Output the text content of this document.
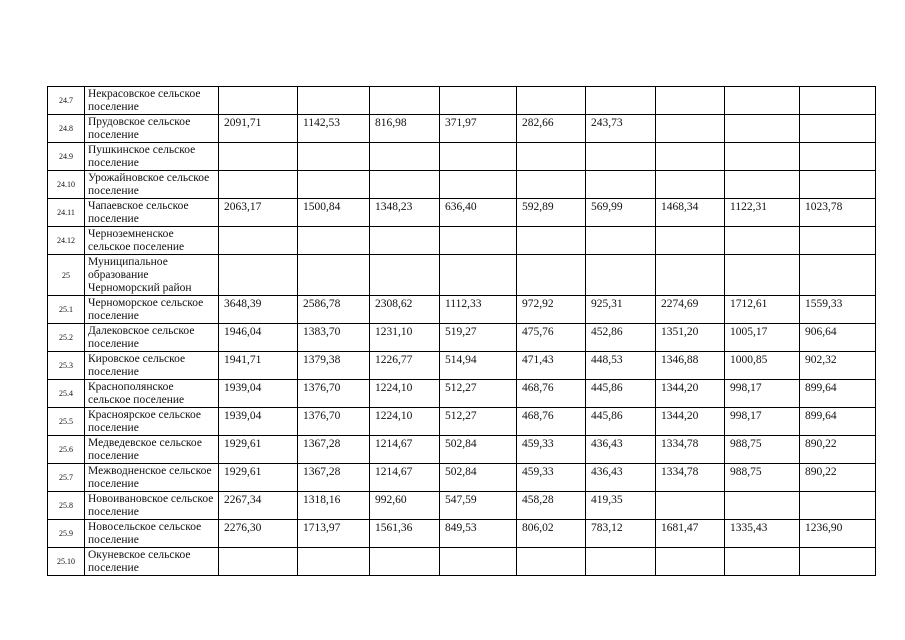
24.7	Некрасовское сельское поселение									
24.8	Прудовское сельское поселение	2091,71	1142,53	816,98	371,97	282,66	243,73			
24.9	Пушкинское сельское поселение									
24.10	Урожайновское сельское поселение									
24.11	Чапаевское сельское поселение	2063,17	1500,84	1348,23	636,40	592,89	569,99	1468,34	1122,31	1023,78
24.12	Черноземненское сельское поселение									
25	Муниципальное образование Черноморский район									
25.1	Черноморское сельское поселение	3648,39	2586,78	2308,62	1112,33	972,92	925,31	2274,69	1712,61	1559,33
25.2	Далековское сельское поселение	1946,04	1383,70	1231,10	519,27	475,76	452,86	1351,20	1005,17	906,64
25.3	Кировское сельское поселение	1941,71	1379,38	1226,77	514,94	471,43	448,53	1346,88	1000,85	902,32
25.4	Краснополянское сельское поселение	1939,04	1376,70	1224,10	512,27	468,76	445,86	1344,20	998,17	899,64
25.5	Краснoярское сельское поселение	1939,04	1376,70	1224,10	512,27	468,76	445,86	1344,20	998,17	899,64
25.6	Медведевское сельское поселение	1929,61	1367,28	1214,67	502,84	459,33	436,43	1334,78	988,75	890,22
25.7	Межводненское сельское поселение	1929,61	1367,28	1214,67	502,84	459,33	436,43	1334,78	988,75	890,22
25.8	Новоивановское сельское поселение	2267,34	1318,16	992,60	547,59	458,28	419,35			
25.9	Новосельское сельское поселение	2276,30	1713,97	1561,36	849,53	806,02	783,12	1681,47	1335,43	1236,90
25.10	Окуневское сельское поселение									
